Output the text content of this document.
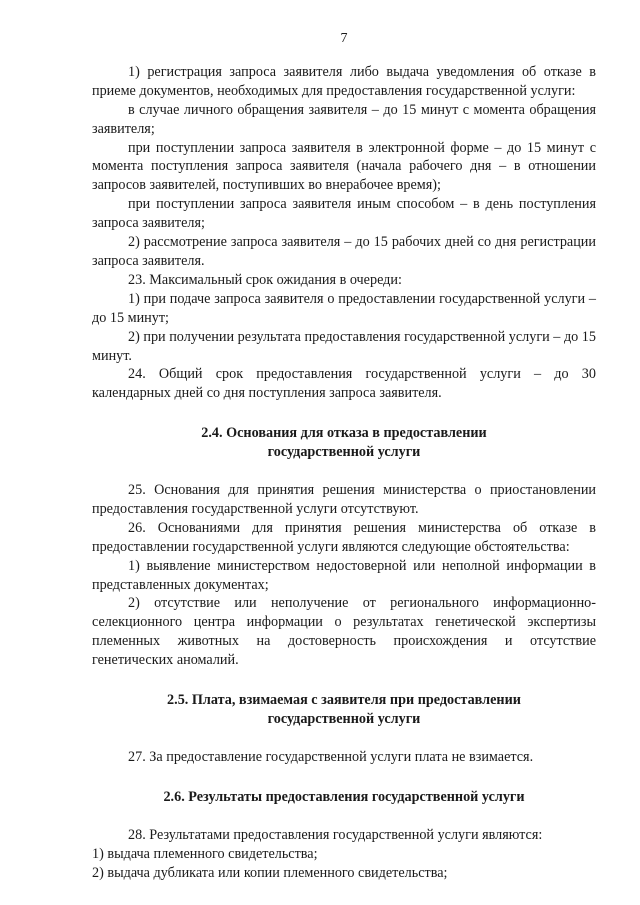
7

1) регистрация запроса заявителя либо выдача уведомления об отказе в приеме документов, необходимых для предоставления государственной услуги:

в случае личного обращения заявителя – до 15 минут с момента обращения заявителя;

при поступлении запроса заявителя в электронной форме – до 15 минут с момента поступления запроса заявителя (начала рабочего дня – в отношении запросов заявителей, поступивших во внерабочее время);

при поступлении запроса заявителя иным способом – в день поступления запроса заявителя;

2) рассмотрение запроса заявителя – до 15 рабочих дней со дня регистрации запроса заявителя.

23. Максимальный срок ожидания в очереди:

1) при подаче запроса заявителя о предоставлении государственной услуги – до 15 минут;

2) при получении результата предоставления государственной услуги – до 15 минут.

24. Общий срок предоставления государственной услуги – до 30 календарных дней со дня поступления запроса заявителя.

2.4. Основания для отказа в предоставлении
государственной услуги

25. Основания для принятия решения министерства о приостановлении предоставления государственной услуги отсутствуют.

26. Основаниями для принятия решения министерства об отказе в предоставлении государственной услуги являются следующие обстоятельства:

1) выявление министерством недостоверной или неполной информации в представленных документах;

2) отсутствие или неполучение от регионального информационно-селекционного центра информации о результатах генетической экспертизы племенных животных на достоверность происхождения и отсутствие генетических аномалий.

2.5. Плата, взимаемая с заявителя при предоставлении
государственной услуги

27. За предоставление государственной услуги плата не взимается.

2.6. Результаты предоставления государственной услуги

28. Результатами предоставления государственной услуги являются:

1) выдача племенного свидетельства;

2) выдача дубликата или копии племенного свидетельства;
